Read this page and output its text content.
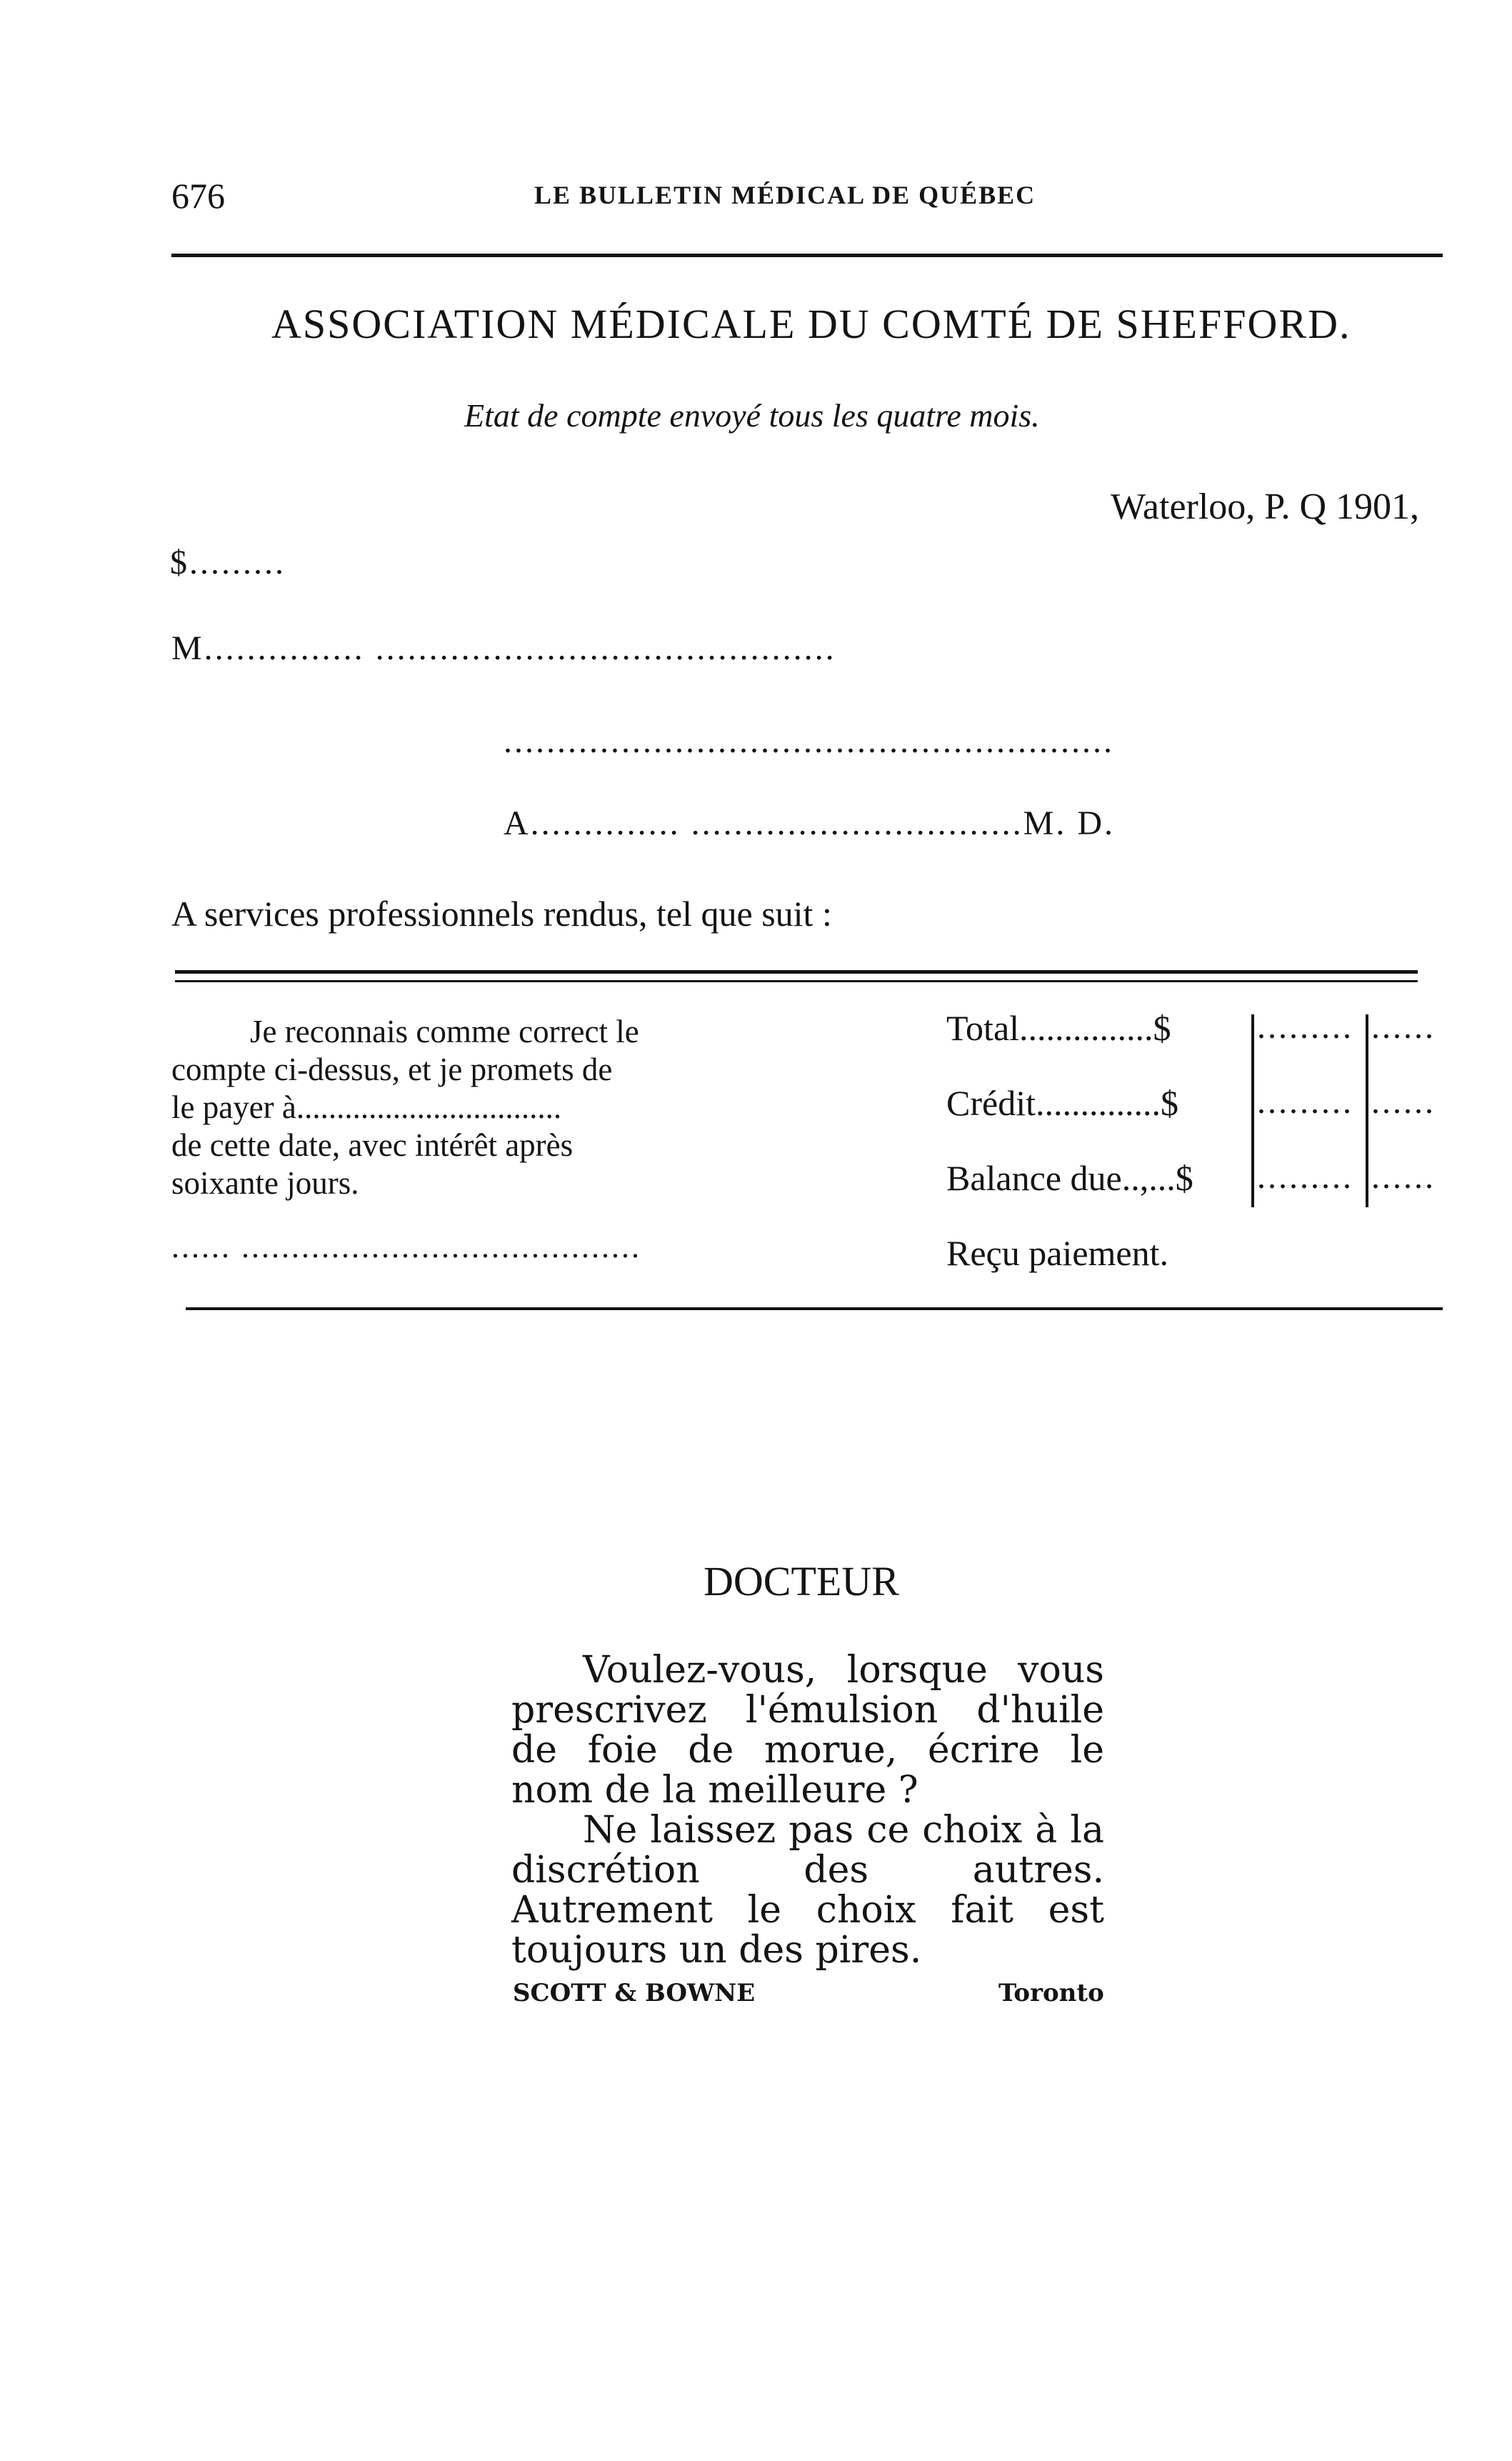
676	LE BULLETIN MÉDICAL DE QUÉBEC
ASSOCIATION MÉDICALE DU COMTÉ DE SHEFFORD.
Etat de compte envoyé tous les quatre mois.
Waterloo, P. Q 1901,
$.........
M............... ...........................................
.........................................................
A.............. ...............................M. D.
A services professionnels rendus, tel que suit :
Je reconnais comme correct le
compte ci-dessus, et je promets de
le payer à.................................
de cette date, avec intérêt après
soixante jours.
...... ........................................
Total...............$	......... ......
Crédit..............$ ......... ......
Balance due..,...$ ......... ......
Reçu paiement.
DOCTEUR
Voulez-vous, lorsque vous prescrivez l'émulsion d'huile de foie de morue, écrire le nom de la meilleure ?
Ne laissez pas ce choix à la discrétion des autres. Autrement le choix fait est toujours un des pires.
SCOTT & BOWNE	Toronto
